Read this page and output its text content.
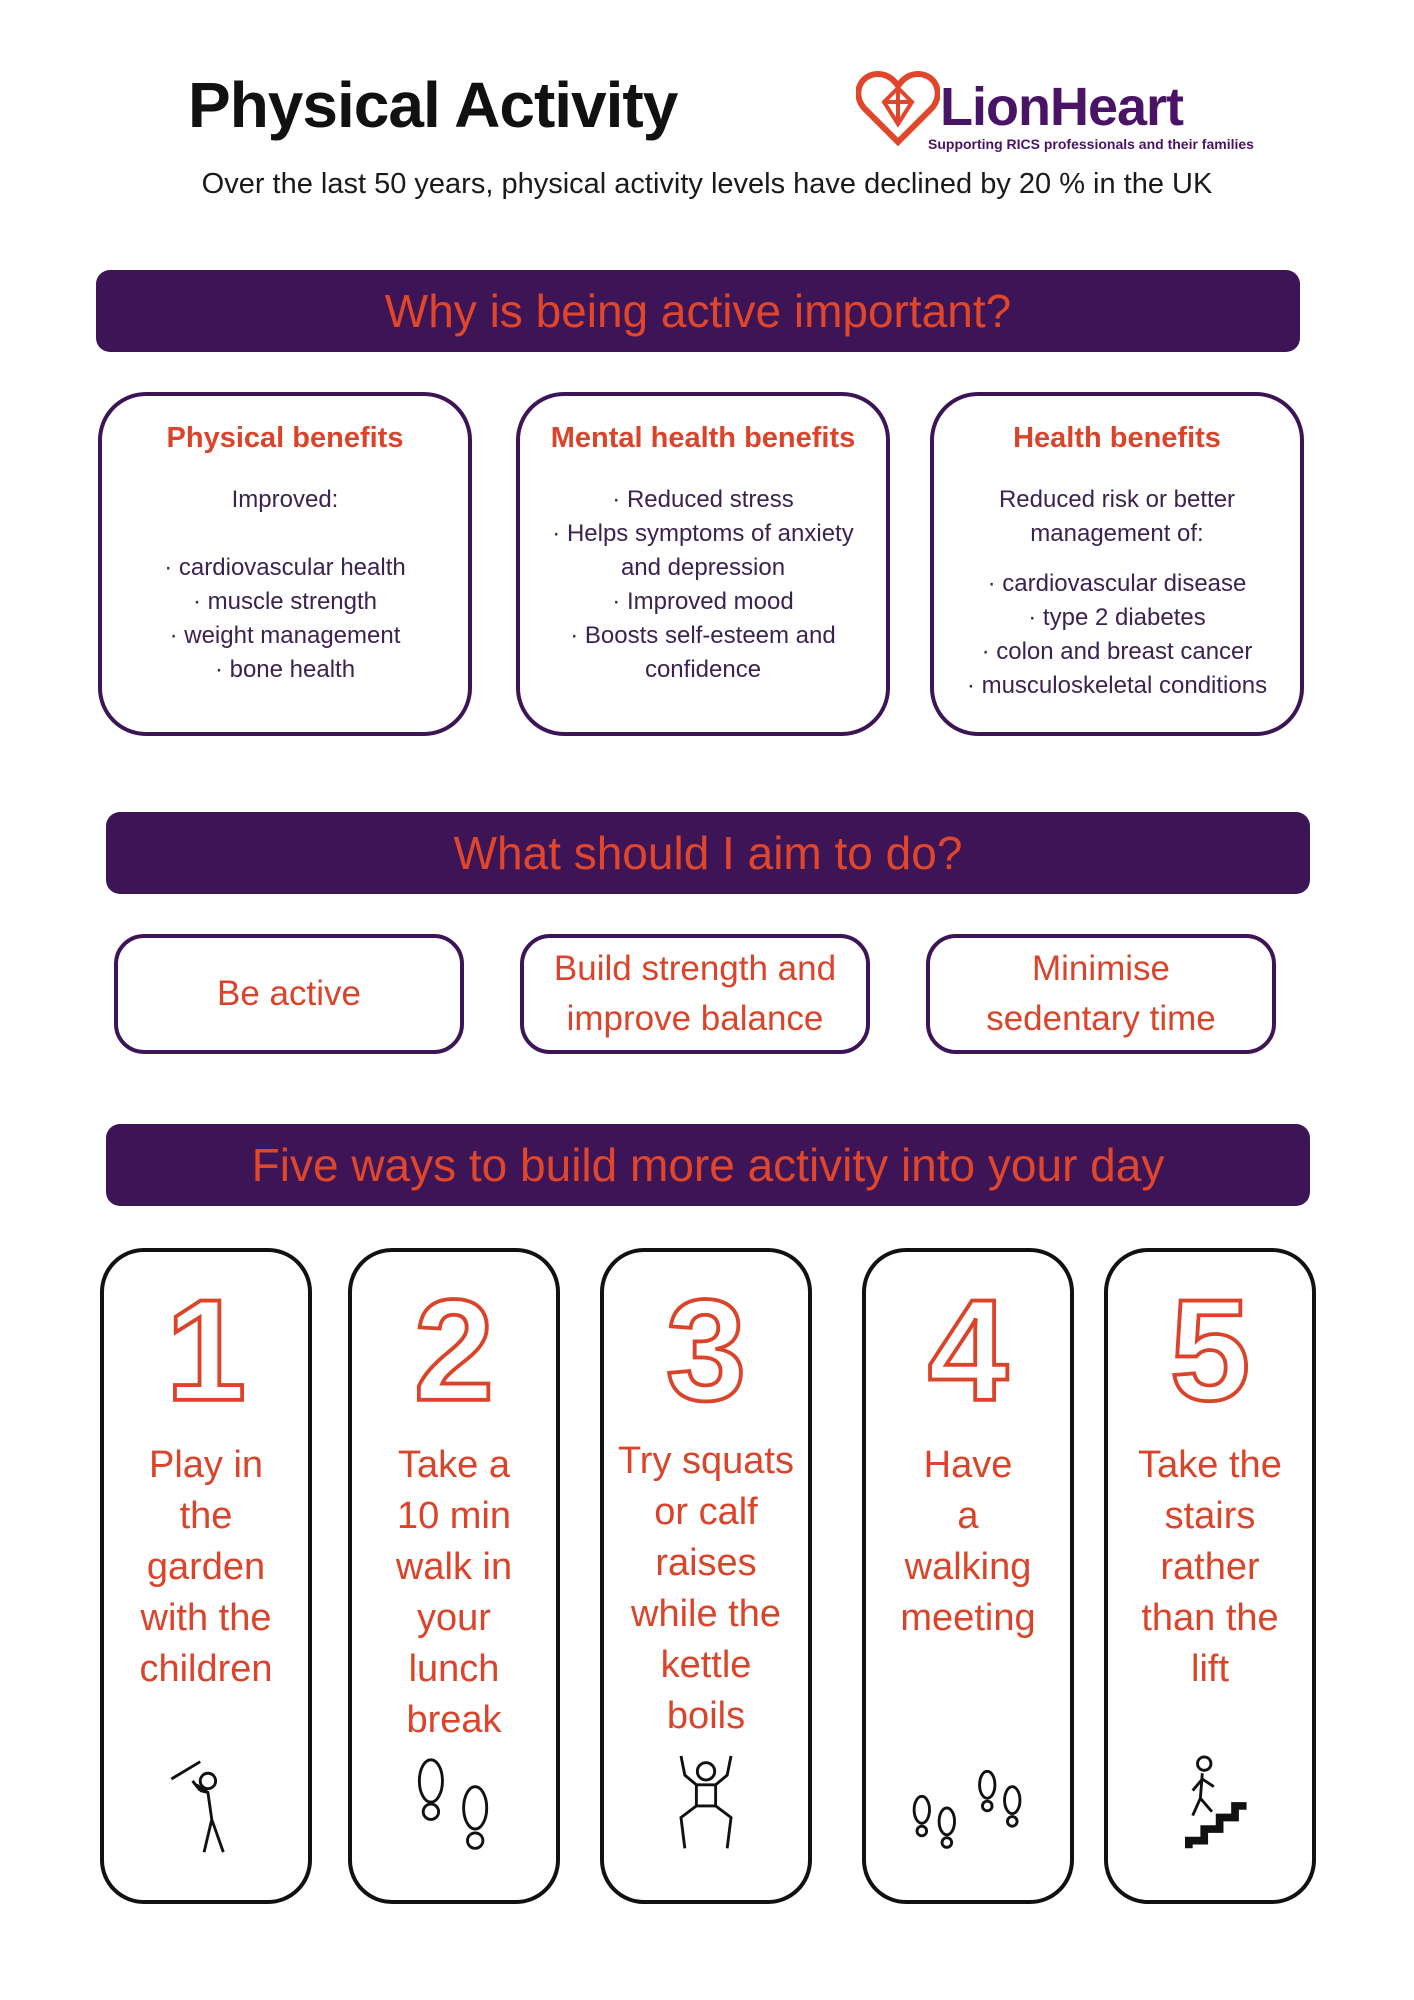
Physical Activity	LionHeart
Supporting RICS professionals and their families
Over the last 50 years, physical activity levels have declined by 20 % in the UK
Why is being active important?
Physical benefits
Improved:
· cardiovascular health
· muscle strength
· weight management
· bone health
Mental health benefits
· Reduced stress
· Helps symptoms of anxiety
and depression
· Improved mood
· Boosts self-esteem and
confidence
Health benefits
Reduced risk or better
management of:
· cardiovascular disease
· type 2 diabetes
· colon and breast cancer
· musculoskeletal conditions
What should I aim to do?
Be active
Build strength and
improve balance
Minimise
sedentary time
Five ways to build more activity into your day
1
Play in
the
garden
with the
children
2
Take a
10 min
walk in
your
lunch
break
3
Try squats
or calf
raises
while the
kettle
boils
4
Have
a
walking
meeting
5
Take the
stairs
rather
than the
lift
